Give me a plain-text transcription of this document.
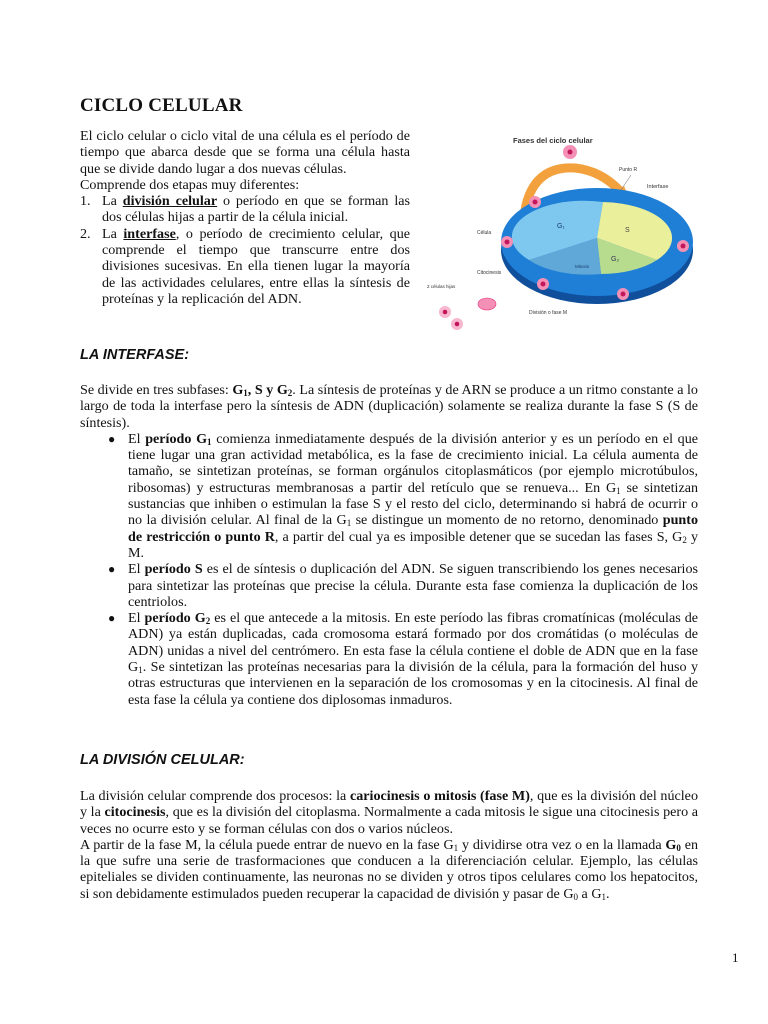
CICLO CELULAR
El ciclo celular o ciclo vital de una célula es el período de tiempo que abarca desde que se forma una célula hasta que se divide dando lugar a dos nuevas células.
Comprende dos etapas muy diferentes:
1. La división celular o período en que se forman las dos células hijas a partir de la célula inicial.
2. La interfase, o período de crecimiento celular, que comprende el tiempo que transcurre entre dos divisiones sucesivas. En ella tienen lugar la mayoría de las actividades celulares, entre ellas la síntesis de proteínas y la replicación del ADN.
Fases del ciclo celular
G₀	Punto R
Interfase
G₁
S
G₂
Mitosis
Célula
Citocinesis
2 células hijas
División o fase M
LA INTERFASE:
Se divide en tres subfases: $G_1$, S y $G_2$. La síntesis de proteínas y de ARN se produce a un ritmo constante a lo largo de toda la interfase pero la síntesis de ADN (duplicación) solamente se realiza durante la fase S (S de síntesis).
● El período $G_1$ comienza inmediatamente después de la división anterior y es un período en el que tiene lugar una gran actividad metabólica, es la fase de crecimiento inicial. La célula aumenta de tamaño, se sintetizan proteínas, se forman orgánulos citoplasmáticos (por ejemplo microtúbulos, ribosomas) y estructuras membranosas a partir del retículo que se renueva... En $G_1$ se sintetizan sustancias que inhiben o estimulan la fase S y el resto del ciclo, determinando si habrá de ocurrir o no la división celular. Al final de la $G_1$ se distingue un momento de no retorno, denominado punto de restricción o punto R, a partir del cual ya es imposible detener que se sucedan las fases S, $G_2$ y M.
● El período S es el de síntesis o duplicación del ADN. Se siguen transcribiendo los genes necesarios para sintetizar las proteínas que precise la célula. Durante esta fase comienza la duplicación de los centriolos.
● El período $G_2$ es el que antecede a la mitosis. En este período las fibras cromatínicas (moléculas de ADN) ya están duplicadas, cada cromosoma estará formado por dos cromátidas (o moléculas de ADN) unidas a nivel del centrómero. En esta fase la célula contiene el doble de ADN que en la fase $G_1$. Se sintetizan las proteínas necesarias para la división de la célula, para la formación del huso y otras estructuras que intervienen en la separación de los cromosomas y en la citocinesis. Al final de esta fase la célula ya contiene dos diplosomas inmaduros.
LA DIVISIÓN CELULAR:
La división celular comprende dos procesos: la cariocinesis o mitosis (fase M), que es la división del núcleo y la citocinesis, que es la división del citoplasma. Normalmente a cada mitosis le sigue una citocinesis pero a veces no ocurre esto y se forman células con dos o varios núcleos.
A partir de la fase M, la célula puede entrar de nuevo en la fase $G_1$ y dividirse otra vez o en la llamada $G_0$ en la que sufre una serie de trasformaciones que conducen a la diferenciación celular. Ejemplo, las células epiteliales se dividen continuamente, las neuronas no se dividen y otros tipos celulares como los hepatocitos, si son debidamente estimulados pueden recuperar la capacidad de división y pasar de $G_0$ a $G_1$.
1
